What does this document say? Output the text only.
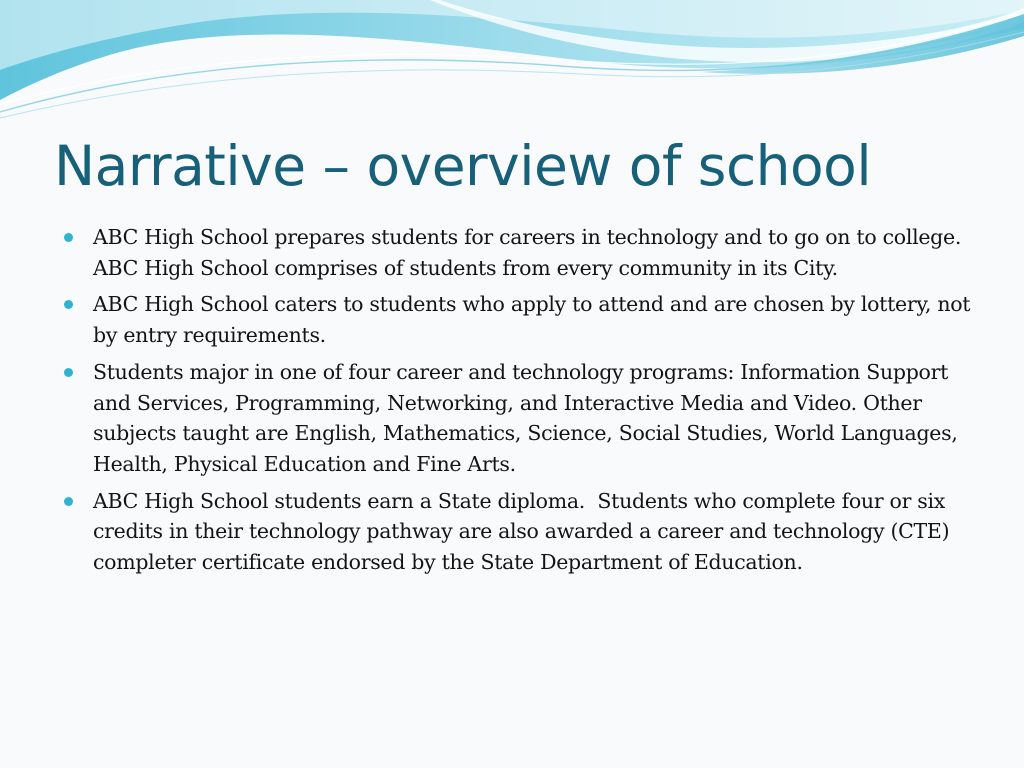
Narrative – overview of school
ABC High School prepares students for careers in technology and to go on to college.  ABC High School comprises of students from every community in its City.
ABC High School caters to students who apply to attend and are chosen by lottery, not by entry requirements.
Students major in one of four career and technology programs: Information Support and Services, Programming, Networking, and Interactive Media and Video. Other subjects taught are English, Mathematics, Science, Social Studies, World Languages, Health, Physical Education and Fine Arts.
ABC High School students earn a State diploma.  Students who complete four or six credits in their technology pathway are also awarded a career and technology (CTE) completer certificate endorsed by the State Department of Education.
